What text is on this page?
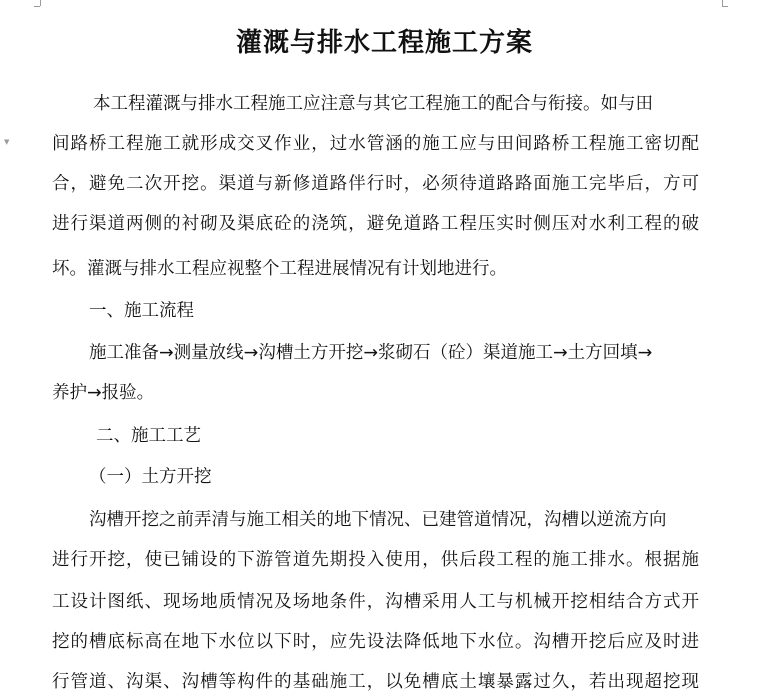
▼
灌溉与排水工程施工方案
本工程灌溉与排水工程施工应注意与其它工程施工的配合与衔接。如与田
间路桥工程施工就形成交叉作业，过水管涵的施工应与田间路桥工程施工密切配
合，避免二次开挖。渠道与新修道路伴行时，必须待道路路面施工完毕后，方可
进行渠道两侧的衬砌及渠底砼的浇筑，避免道路工程压实时侧压对水利工程的破
坏。灌溉与排水工程应视整个工程进展情况有计划地进行。
一、施工流程
施工准备→测量放线→沟槽土方开挖→浆砌石（砼）渠道施工→土方回填→
养护→报验。
二、施工工艺
（一）土方开挖
沟槽开挖之前弄清与施工相关的地下情况、已建管道情况，沟槽以逆流方向
进行开挖，使已铺设的下游管道先期投入使用，供后段工程的施工排水。根据施
工设计图纸、现场地质情况及场地条件，沟槽采用人工与机械开挖相结合方式开
挖的槽底标高在地下水位以下时，应先设法降低地下水位。沟槽开挖后应及时进
行管道、沟渠、沟槽等构件的基础施工，以免槽底土壤暴露过久，若出现超挖现
